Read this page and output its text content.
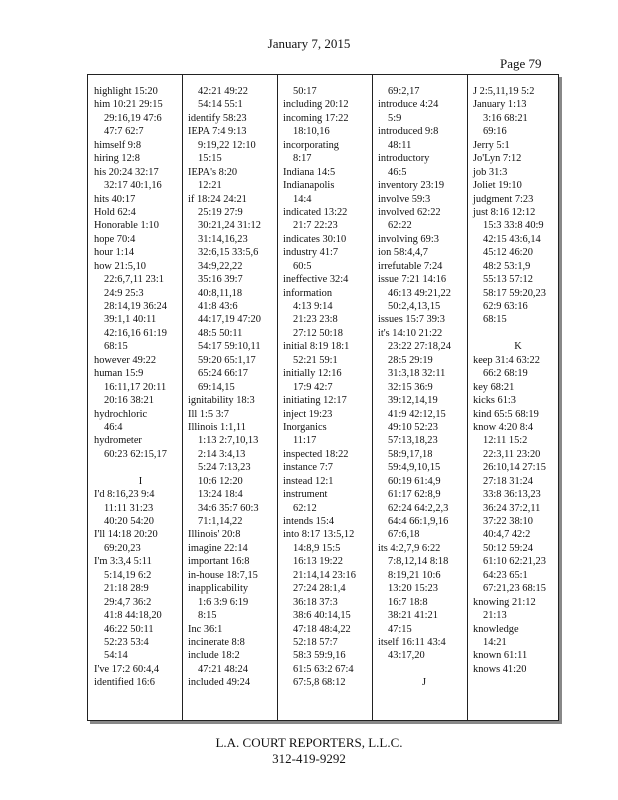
January 7, 2015
Page 79
highlight 15:20
him 10:21 29:15
29:16,19 47:6
47:7 62:7
himself 9:8
hiring 12:8
his 20:24 32:17
32:17 40:1,16
hits 40:17
Hold 62:4
Honorable 1:10
hope 70:4
hour 1:14
how 21:5,10
22:6,7,11 23:1
24:9 25:3
28:14,19 36:24
39:1,1 40:11
42:16,16 61:19
68:15
however 49:22
human 15:9
16:11,17 20:11
20:16 38:21
hydrochloric
46:4
hydrometer
60:23 62:15,17
I
I'd 8:16,23 9:4
11:11 31:23
40:20 54:20
I'll 14:18 20:20
69:20,23
I'm 3:3,4 5:11
5:14,19 6:2
21:18 28:9
29:4,7 36:2
41:8 44:18,20
46:22 50:11
52:23 53:4
54:14
I've 17:2 60:4,4
identified 16:6
42:21 49:22
54:14 55:1
identify 58:23
IEPA 7:4 9:13
9:19,22 12:10
15:15
IEPA's 8:20
12:21
if 18:24 24:21
25:19 27:9
30:21,24 31:12
31:14,16,23
32:6,15 33:5,6
34:9,22,22
35:16 39:7
40:8,11,18
41:8 43:6
44:17,19 47:20
48:5 50:11
54:17 59:10,11
59:20 65:1,17
65:24 66:17
69:14,15
ignitability 18:3
Ill 1:5 3:7
Illinois 1:1,11
1:13 2:7,10,13
2:14 3:4,13
5:24 7:13,23
10:6 12:20
13:24 18:4
34:6 35:7 60:3
71:1,14,22
Illinois' 20:8
imagine 22:14
important 16:8
in-house 18:7,15
inapplicability
1:6 3:9 6:19
8:15
Inc 36:1
incinerate 8:8
include 18:2
47:21 48:24
included 49:24
50:17
including 20:12
incoming 17:22
18:10,16
incorporating
8:17
Indiana 14:5
Indianapolis
14:4
indicated 13:22
21:7 22:23
indicates 30:10
industry 41:7
60:5
ineffective 32:4
information
4:13 9:14
21:23 23:8
27:12 50:18
initial 8:19 18:1
52:21 59:1
initially 12:16
17:9 42:7
initiating 12:17
inject 19:23
Inorganics
11:17
inspected 18:22
instance 7:7
instead 12:1
instrument
62:12
intends 15:4
into 8:17 13:5,12
14:8,9 15:5
16:13 19:22
21:14,14 23:16
27:24 28:1,4
36:18 37:3
38:6 40:14,15
47:18 48:4,22
52:18 57:7
58:3 59:9,16
61:5 63:2 67:4
67:5,8 68:12
69:2,17
introduce 4:24
5:9
introduced 9:8
48:11
introductory
46:5
inventory 23:19
involve 59:3
involved 62:22
62:22
involving 69:3
ion 58:4,4,7
irrefutable 7:24
issue 7:21 14:16
46:13 49:21,22
50:2,4,13,15
issues 15:7 39:3
it's 14:10 21:22
23:22 27:18,24
28:5 29:19
31:3,18 32:11
32:15 36:9
39:12,14,19
41:9 42:12,15
49:10 52:23
57:13,18,23
58:9,17,18
59:4,9,10,15
60:19 61:4,9
61:17 62:8,9
62:24 64:2,2,3
64:4 66:1,9,16
67:6,18
its 4:2,7,9 6:22
7:8,12,14 8:18
8:19,21 10:6
13:20 15:23
16:7 18:8
38:21 41:21
47:15
itself 16:11 43:4
43:17,20
J
J 2:5,11,19 5:2
January 1:13
3:16 68:21
69:16
Jerry 5:1
Jo'Lyn 7:12
job 31:3
Joliet 19:10
judgment 7:23
just 8:16 12:12
15:3 33:8 40:9
42:15 43:6,14
45:12 46:20
48:2 53:1,9
55:13 57:12
58:17 59:20,23
62:9 63:16
68:15
K
keep 31:4 63:22
66:2 68:19
key 68:21
kicks 61:3
kind 65:5 68:19
know 4:20 8:4
12:11 15:2
22:3,11 23:20
26:10,14 27:15
27:18 31:24
33:8 36:13,23
36:24 37:2,11
37:22 38:10
40:4,7 42:2
50:12 59:24
61:10 62:21,23
64:23 65:1
67:21,23 68:15
knowing 21:12
21:13
knowledge
14:21
known 61:11
knows 41:20
L.A. COURT REPORTERS, L.L.C.
312-419-9292
